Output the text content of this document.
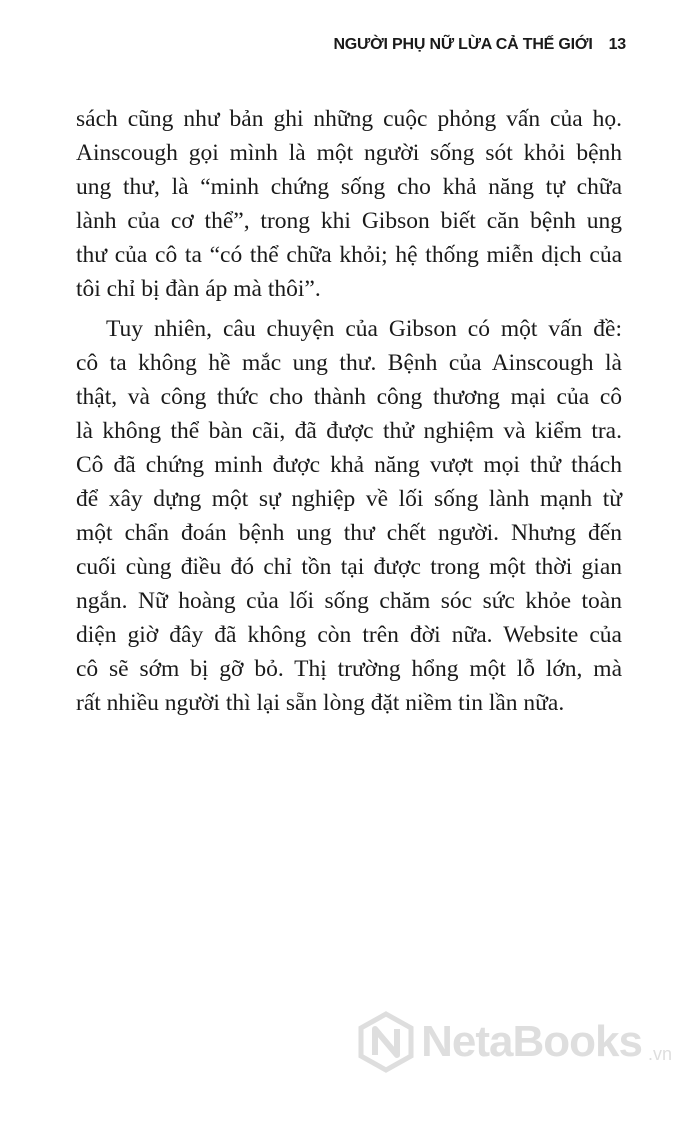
NGƯỜI PHỤ NỮ LỪA CẢ THẾ GIỚI 13

sách cũng như bản ghi những cuộc phỏng vấn của họ.
Ainscough gọi mình là một người sống sót khỏi bệnh
ung thư, là “minh chứng sống cho khả năng tự chữa
lành của cơ thể”, trong khi Gibson biết căn bệnh ung
thư của cô ta “có thể chữa khỏi; hệ thống miễn dịch của
tôi chỉ bị đàn áp mà thôi”.

Tuy nhiên, câu chuyện của Gibson có một vấn đề:
cô ta không hề mắc ung thư. Bệnh của Ainscough là
thật, và công thức cho thành công thương mại của cô
là không thể bàn cãi, đã được thử nghiệm và kiểm tra.
Cô đã chứng minh được khả năng vượt mọi thử thách
để xây dựng một sự nghiệp về lối sống lành mạnh từ
một chẩn đoán bệnh ung thư chết người. Nhưng đến
cuối cùng điều đó chỉ tồn tại được trong một thời gian
ngắn. Nữ hoàng của lối sống chăm sóc sức khỏe toàn
diện giờ đây đã không còn trên đời nữa. Website của
cô sẽ sớm bị gỡ bỏ. Thị trường hổng một lỗ lớn, mà
rất nhiều người thì lại sẵn lòng đặt niềm tin lần nữa.

NetaBooks .vn
